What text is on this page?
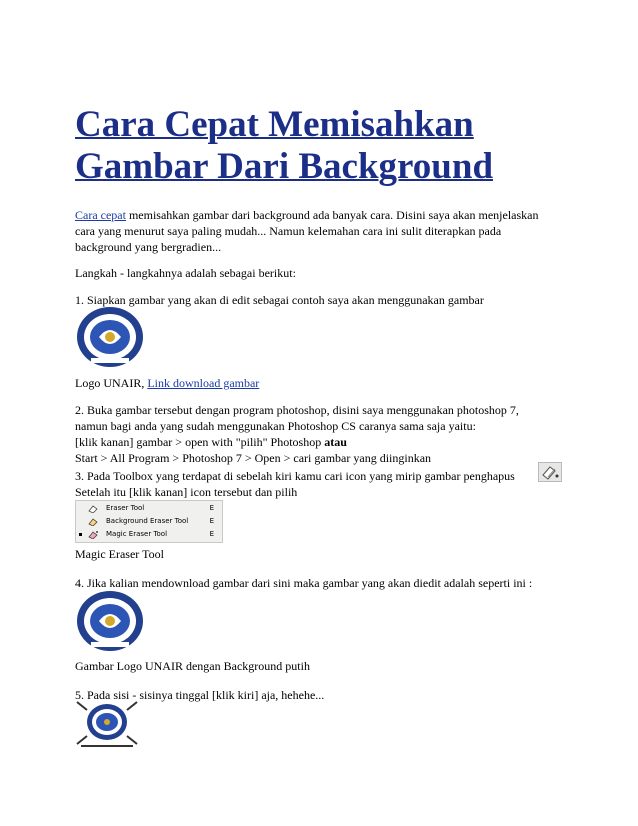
Cara Cepat Memisahkan Gambar Dari Background
Cara cepat memisahkan gambar dari background ada banyak cara. Disini saya akan menjelaskan
cara yang menurut saya paling mudah... Namun kelemahan cara ini sulit diterapkan pada
background yang bergradien...
Langkah - langkahnya adalah sebagai berikut:
1. Siapkan gambar yang akan di edit sebagai contoh saya akan menggunakan gambar
Logo UNAIR, Link download gambar
2. Buka gambar tersebut dengan program photoshop, disini saya menggunakan photoshop 7,
namun bagi anda yang sudah menggunakan Photoshop CS caranya sama saja yaitu:
[klik kanan] gambar > open with "pilih" Photoshop atau
Start > All Program > Photoshop 7 > Open > cari gambar yang diinginkan
3. Pada Toolbox yang terdapat di sebelah kiri kamu cari icon yang mirip gambar penghapus
Setelah itu [klik kanan] icon tersebut dan pilih
Eraser Tool	E
Background Eraser Tool	E
Magic Eraser Tool	E
Magic Eraser Tool
4. Jika kalian mendownload gambar dari sini maka gambar yang akan diedit adalah seperti ini :
Gambar Logo UNAIR dengan Background putih
5. Pada sisi - sisinya tinggal [klik kiri] aja, hehehe...
